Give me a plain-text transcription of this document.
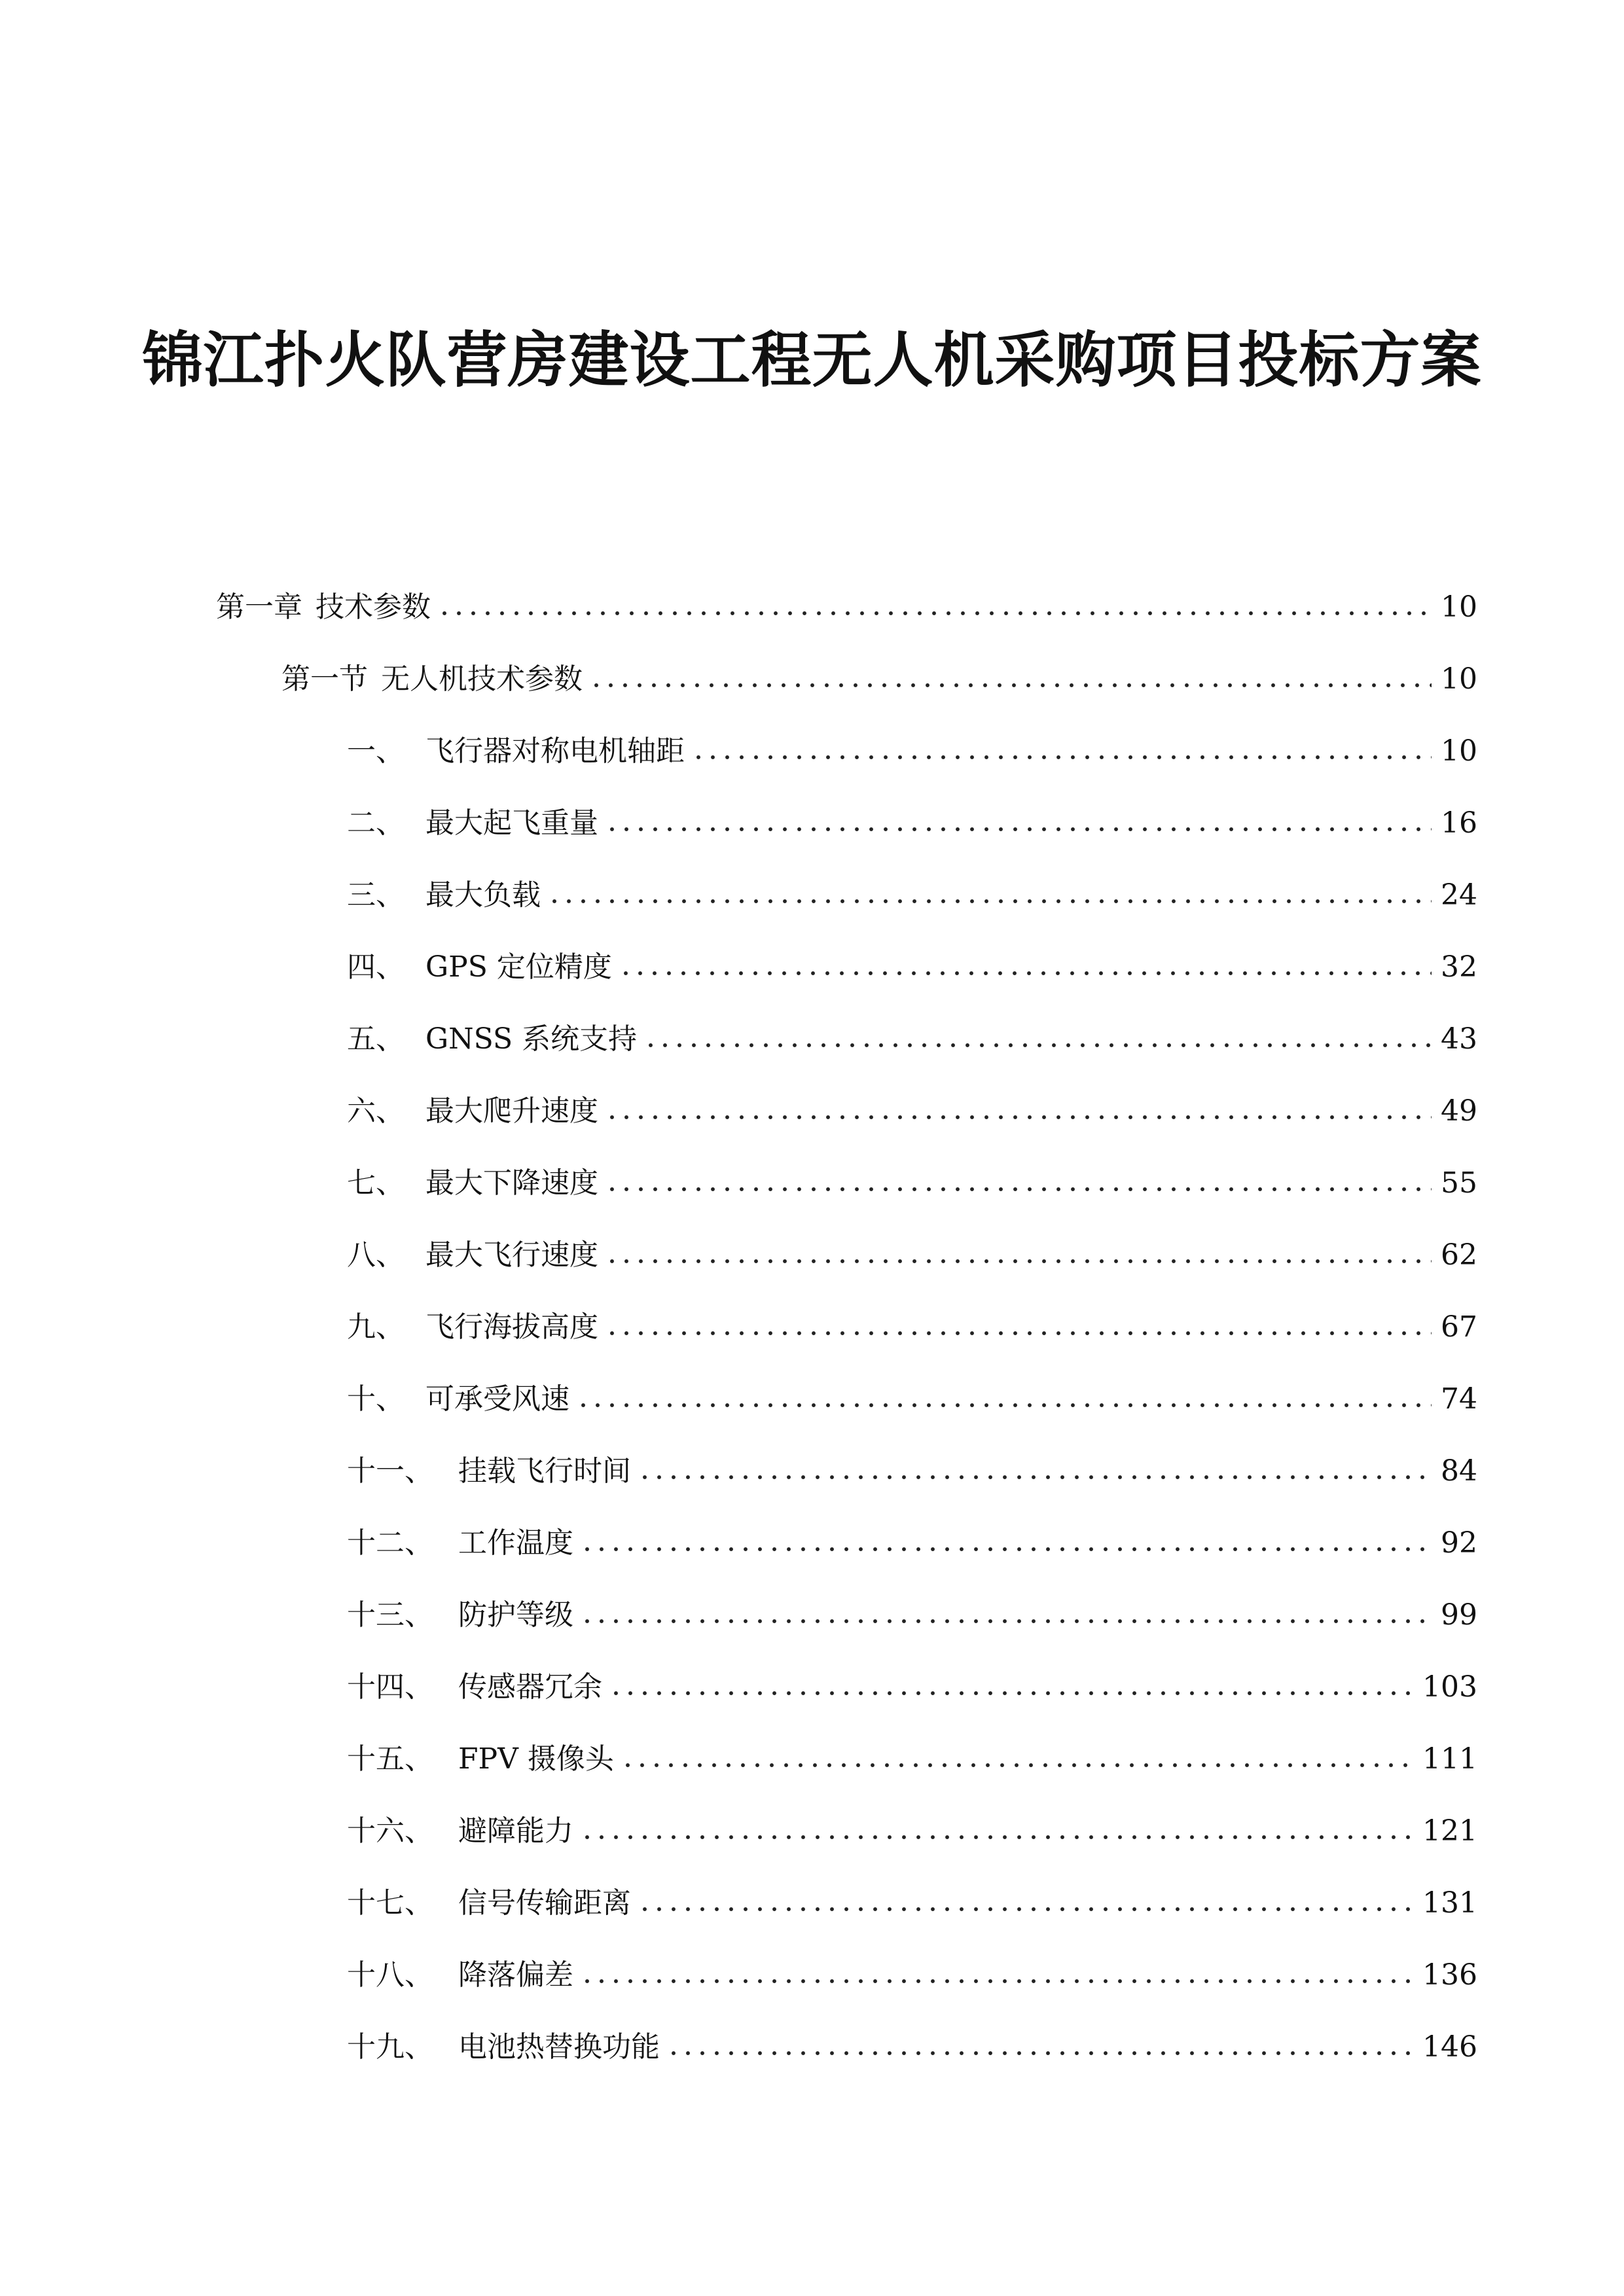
锦江扑火队营房建设工程无人机采购项目投标方案
第一章 技术参数	10
第一节 无人机技术参数	10
一、 飞行器对称电机轴距	10
二、 最大起飞重量	16
三、 最大负载	24
四、 GPS 定位精度	32
五、 GNSS 系统支持	43
六、 最大爬升速度	49
七、 最大下降速度	55
八、 最大飞行速度	62
九、 飞行海拔高度	67
十、 可承受风速	74
十一、 挂载飞行时间	84
十二、 工作温度	92
十三、 防护等级	99
十四、 传感器冗余	103
十五、 FPV 摄像头	111
十六、 避障能力	121
十七、 信号传输距离	131
十八、 降落偏差	136
十九、 电池热替换功能	146
